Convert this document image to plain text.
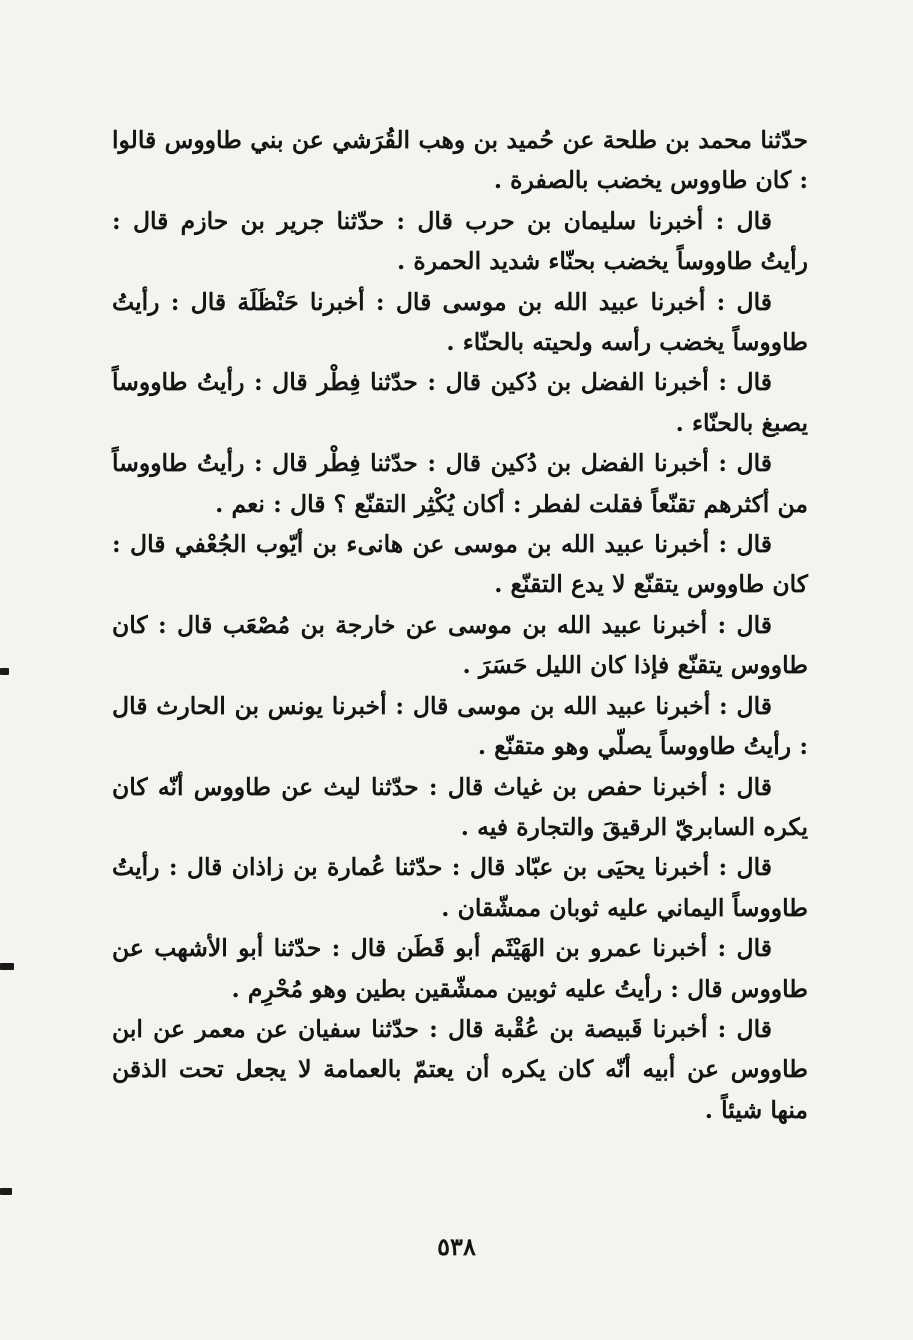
حدّثنا محمد بن طلحة عن حُميد بن وهب القُرَشي عن بني طاووس قالوا : كان طاووس يخضب بالصفرة .

قال : أخبرنا سليمان بن حرب قال : حدّثنا جرير بن حازم قال : رأيتُ طاووساً يخضب بحنّاء شديد الحمرة .

قال : أخبرنا عبيد الله بن موسى قال : أخبرنا حَنْظَلَة قال : رأيتُ طاووساً يخضب رأسه ولحيته بالحنّاء .

قال : أخبرنا الفضل بن دُكين قال : حدّثنا فِطْر قال : رأيتُ طاووساً يصبغ بالحنّاء .

قال : أخبرنا الفضل بن دُكين قال : حدّثنا فِطْر قال : رأيتُ طاووساً من أكثرهم تقنّعاً فقلت لفطر : أكان يُكْثِر التقنّع ؟ قال : نعم .

قال : أخبرنا عبيد الله بن موسى عن هانىء بن أيّوب الجُعْفي قال : كان طاووس يتقنّع لا يدع التقنّع .

قال : أخبرنا عبيد الله بن موسى عن خارجة بن مُصْعَب قال : كان طاووس يتقنّع فإذا كان الليل حَسَرَ .

قال : أخبرنا عبيد الله بن موسى قال : أخبرنا يونس بن الحارث قال : رأيتُ طاووساً يصلّي وهو متقنّع .

قال : أخبرنا حفص بن غياث قال : حدّثنا ليث عن طاووس أنّه كان يكره السابريّ الرقيقَ والتجارة فيه .

قال : أخبرنا يحيَى بن عبّاد قال : حدّثنا عُمارة بن زاذان قال : رأيتُ طاووساً اليماني عليه ثوبان ممشّقان .

قال : أخبرنا عمرو بن الهَيْثَم أبو قَطَن قال : حدّثنا أبو الأشهب عن طاووس قال : رأيتُ عليه ثوبين ممشّقين بطين وهو مُحْرِم .

قال : أخبرنا قَبيصة بن عُقْبة قال : حدّثنا سفيان عن معمر عن ابن طاووس عن أبيه أنّه كان يكره أن يعتمّ بالعمامة لا يجعل تحت الذقن منها شيئاً .

٥٣٨
